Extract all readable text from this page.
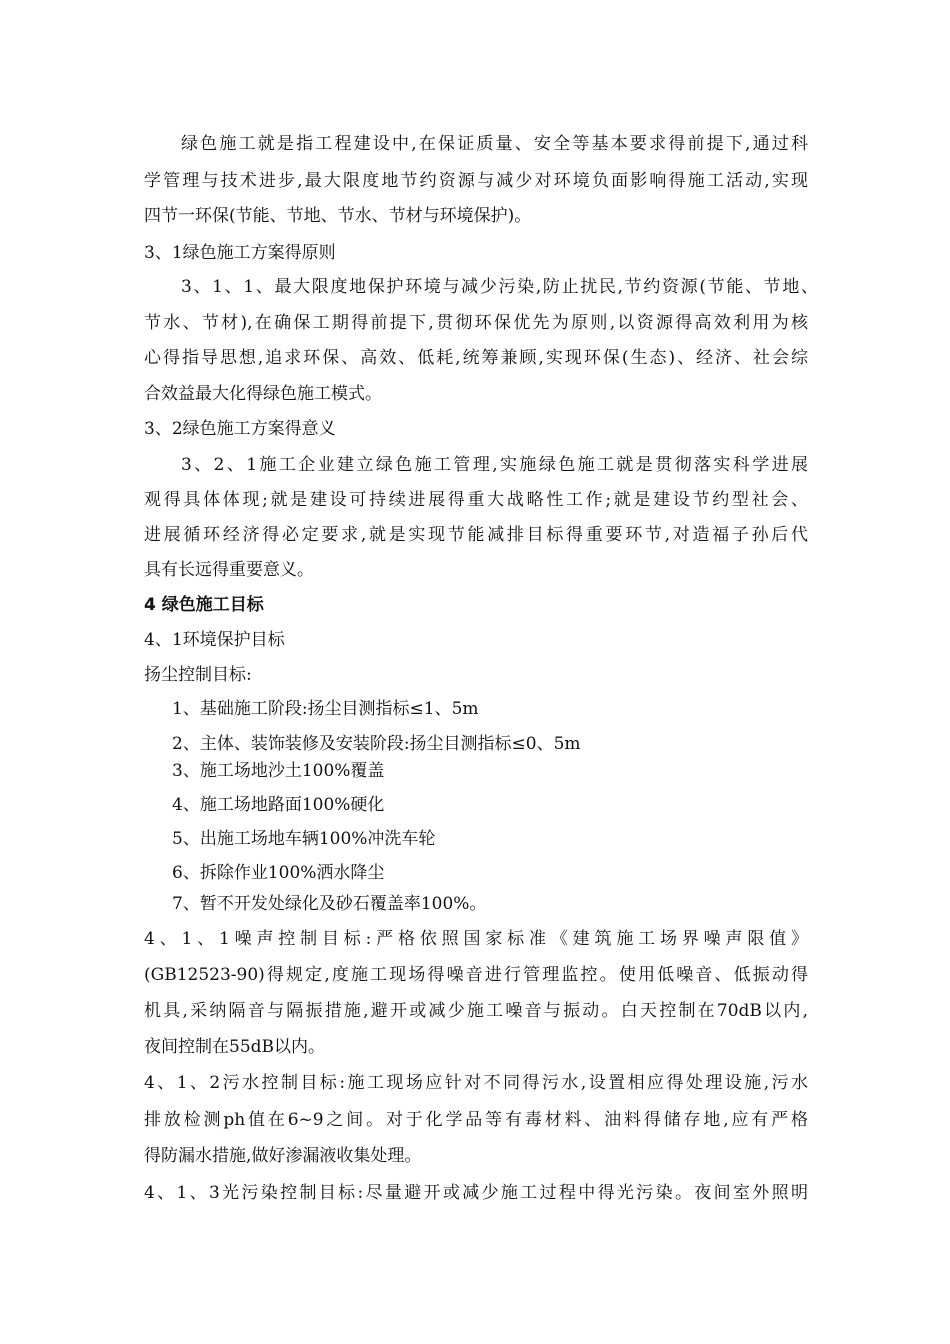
绿色施工就是指工程建设中,在保证质量、安全等基本要求得前提下,通过科
学管理与技术进步,最大限度地节约资源与减少对环境负面影响得施工活动,实现
四节一环保(节能、节地、节水、节材与环境保护)。
3、1绿色施工方案得原则
3、1、1、最大限度地保护环境与减少污染,防止扰民,节约资源(节能、节地、
节水、节材),在确保工期得前提下,贯彻环保优先为原则,以资源得高效利用为核
心得指导思想,追求环保、高效、低耗,统筹兼顾,实现环保(生态)、经济、社会综
合效益最大化得绿色施工模式。
3、2绿色施工方案得意义
3、2、1施工企业建立绿色施工管理,实施绿色施工就是贯彻落实科学进展
观得具体体现;就是建设可持续进展得重大战略性工作;就是建设节约型社会、
进展循环经济得必定要求,就是实现节能减排目标得重要环节,对造福子孙后代
具有长远得重要意义。
4 绿色施工目标
4、1环境保护目标
扬尘控制目标:
1、基础施工阶段:扬尘目测指标≤1、5m
2、主体、装饰装修及安装阶段:扬尘目测指标≤0、5m
3、施工场地沙土100%覆盖
4、施工场地路面100%硬化
5、出施工场地车辆100%冲洗车轮
6、拆除作业100%洒水降尘
7、暂不开发处绿化及砂石覆盖率100%。
4、1、1噪声控制目标:严格依照国家标准《建筑施工场界噪声限值》
(GB12523-90)得规定,度施工现场得噪音进行管理监控。使用低噪音、低振动得
机具,采纳隔音与隔振措施,避开或减少施工噪音与振动。白天控制在70dB以内,
夜间控制在55dB以内。
4、1、2污水控制目标:施工现场应针对不同得污水,设置相应得处理设施,污水
排放检测ph值在6~9之间。对于化学品等有毒材料、油料得储存地,应有严格
得防漏水措施,做好渗漏液收集处理。
4、1、3光污染控制目标:尽量避开或减少施工过程中得光污染。夜间室外照明
